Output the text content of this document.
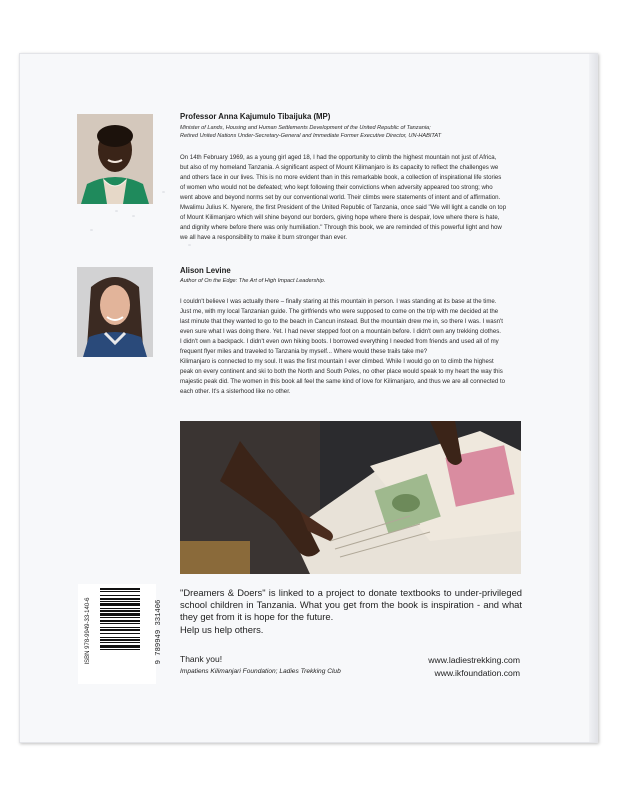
Professor Anna Kajumulo Tibaijuka (MP)
Minister of Lands, Housing and Human Settlements Development of the United Republic of Tanzania;
Retired United Nations Under-Secretary-General and Immediate Former Executive Director, UN-HABITAT
On 14th February 1969, as a young girl aged 18, I had the opportunity to climb the highest mountain not just of Africa,
but also of my homeland Tanzania. A significant aspect of Mount Kilimanjaro is its capacity to reflect the challenges we
and others face in our lives. This is no more evident than in this remarkable book, a collection of inspirational life stories
of women who would not be defeated; who kept following their convictions when adversity appeared too strong; who
went above and beyond norms set by our conventional world. Their climbs were statements of intent and of affirmation.
Mwalimu Julius K. Nyerere, the first President of the United Republic of Tanzania, once said "We will light a candle on top
of Mount Kilimanjaro which will shine beyond our borders, giving hope where there is despair, love where there is hate,
and dignity where before there was only humiliation." Through this book, we are reminded of this powerful light and how
we all have a responsibility to make it burn stronger than ever.
Alison Levine
Author of On the Edge: The Art of High Impact Leadership.
I couldn't believe I was actually there – finally staring at this mountain in person. I was standing at its base at the time.
Just me, with my local Tanzanian guide. The girlfriends who were supposed to come on the trip with me decided at the
last minute that they wanted to go to the beach in Cancun instead. But the mountain drew me in, so there I was. I wasn't
even sure what I was doing there. Yet. I had never stepped foot on a mountain before. I didn't own any trekking clothes.
I didn't own a backpack. I didn't even own hiking boots. I borrowed everything I needed from friends and used all of my
frequent flyer miles and traveled to Tanzania by myself... Where would these trails take me?
Kilimanjaro is connected to my soul. It was the first mountain I ever climbed. While I would go on to climb the highest
peak on every continent and ski to both the North and South Poles, no other place would speak to my heart the way this
majestic peak did. The women in this book all feel the same kind of love for Kilimanjaro, and thus we are all connected to
each other. It's a sisterhood like no other.
ISBN 978-9949-33-140-6	9 789949 331406
"Dreamers & Doers" is linked to a project to donate textbooks to under-privileged school children in Tanzania. What you get from the book is inspiration - and what they get from it is hope for the future.
Help us help others.
Thank you!
Impatiens Kilimanjari Foundation; Ladies Trekking Club
www.ladiestrekking.com
www.ikfoundation.com
